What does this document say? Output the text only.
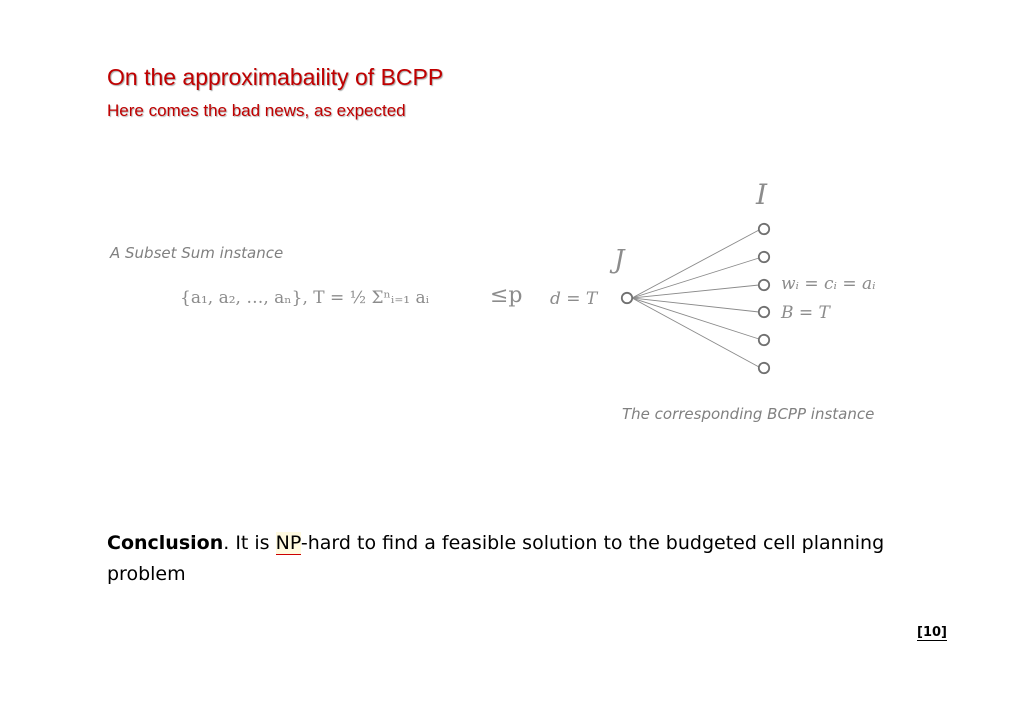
On the approximabaility of BCPP
Here comes the bad news, as expected
A Subset Sum instance
{a₁, a₂, …, aₙ}, T = ½ Σⁿᵢ₌₁ aᵢ	≤p d = T
J
I
wᵢ = cᵢ = aᵢ
B = T
The corresponding BCPP instance
Conclusion. It is NP-hard to find a feasible solution to the budgeted cell planning problem
[10]
